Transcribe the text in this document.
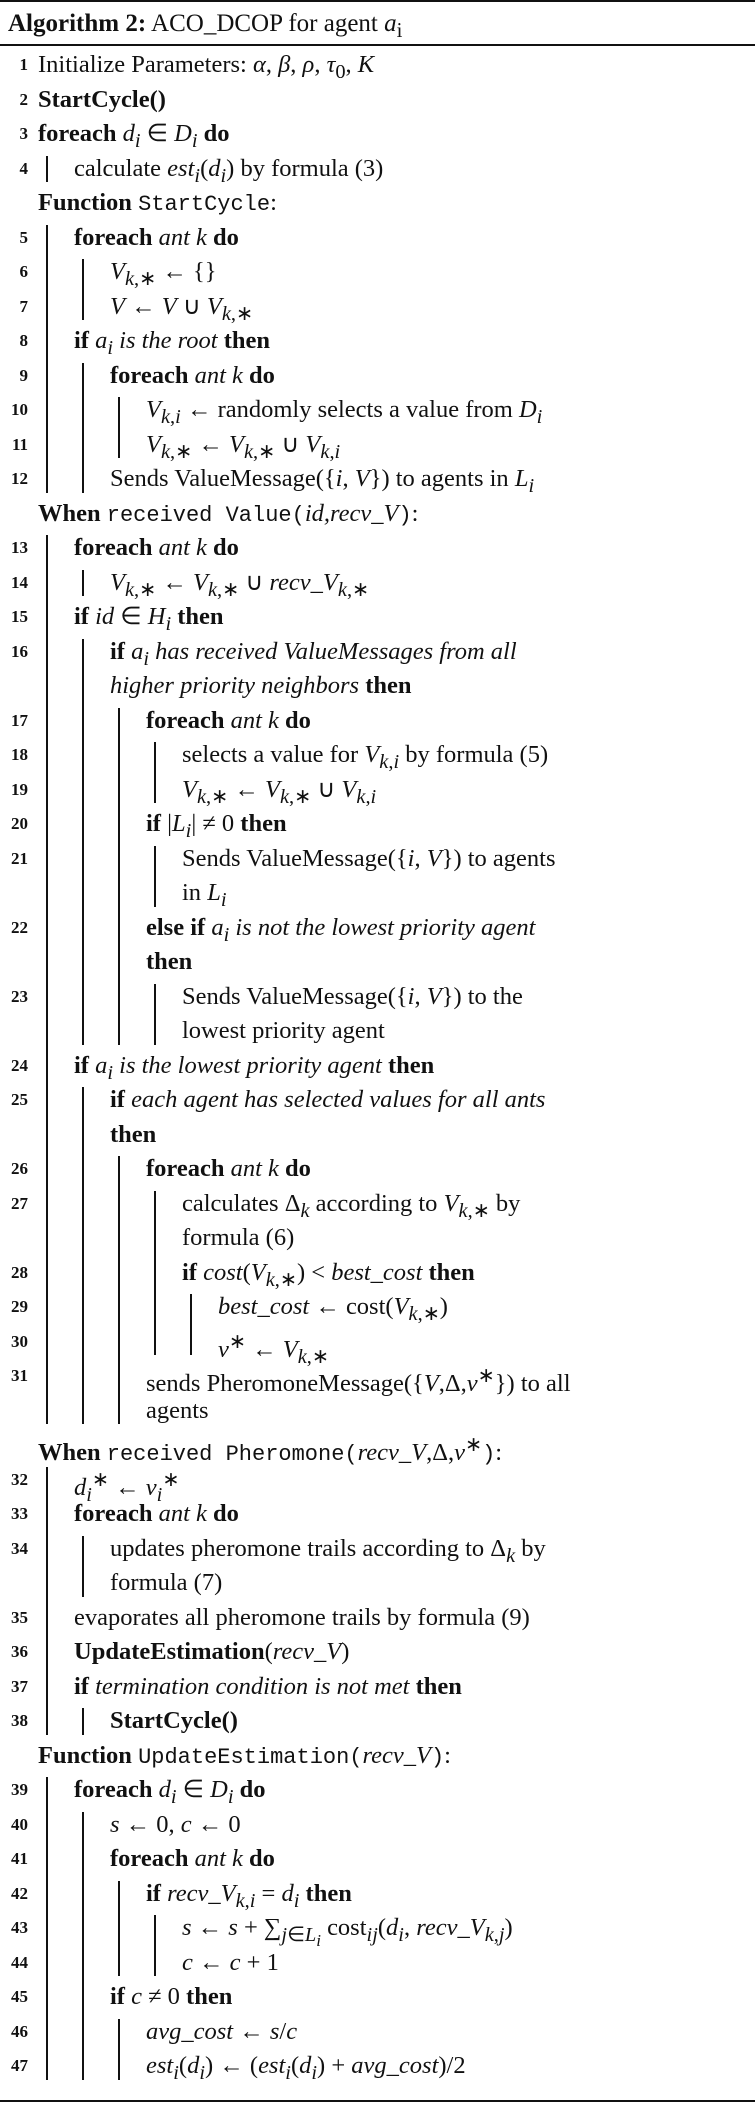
Algorithm 2: ACO_DCOP for agent $a_i$
1 Initialize Parameters: α, β, ρ, $\tau_0$, K
2 StartCycle()
3 foreach $d_i$ ∈ $D_i$ do
4 calculate $est_i(d_i)$ by formula (3)
Function StartCycle:
5 foreach ant k do
6	$V_{k,∗}$ ← {}
7	V ← V ∪ $V_{k,∗}$
8 if $a_i$ is the root then
9	foreach ant k do
10	$V_{k,i}$ ← randomly selects a value from $D_i$
11	$V_{k,∗}$ ← $V_{k,∗}$ ∪ $V_{k,i}$
12	Sends ValueMessage({i, V}) to agents in $L_i$
When received Value(id,recv_V):
13 foreach ant k do
14	$V_{k,∗}$ ← $V_{k,∗}$ ∪ $recv\_V_{k,∗}$
15 if id ∈ $H_i$ then
16	if $a_i$ has received ValueMessages from all
higher priority neighbors then
17	foreach ant k do
18	selects a value for $V_{k,i}$ by formula (5)
19	$V_{k,∗}$ ← $V_{k,∗}$ ∪ $V_{k,i}$
20	if $|L_i| \ne 0$ then
21	Sends ValueMessage({i, V}) to agents
in $L_i$
22	else if $a_i$ is not the lowest priority agent
then
23	Sends ValueMessage({i, V}) to the
lowest priority agent
24 if $a_i$ is the lowest priority agent then
25	if each agent has selected values for all ants
then
26	foreach ant k do
27	calculates $\Delta_k$ according to $V_{k,∗}$ by
formula (6)
28	if $\cos t(V_{k,∗})$ < best_cost then
29	best_cost ← $\cos t(V_{k,∗})$
30	v∗ ← $V_{k,∗}$
31	sends PheromoneMessage({V,Δ,v∗}) to all
agents
When received Pheromone(recv_V,Δ,v∗):
32 $d_i^∗$ ← $v_i^∗$
33 foreach ant k do
34	updates pheromone trails according to $\Delta_k$ by
formula (7)
35 evaporates all pheromone trails by formula (9)
36 UpdateEstimation(recv_V)
37 if termination condition is not met then
38	StartCycle()
Function UpdateEstimation(recv_V):
39 foreach $d_i$ ∈ $D_i$ do
40	s ← 0, c ← 0
41	foreach ant k do
42	if $recv\_V_{k,i} = d_i$ then
43	s ← $s + \sum_{j\in L_i}$ $\cos t_{ij}(d_i$, $recv\_V_{k,j}$)
44	c ← c + 1
45	if c ≠ 0 then
46	avg_cost ← s/c
47	$est_i(d_i)$ ← ($est_i(d_i)$ + avg_cost)/2
